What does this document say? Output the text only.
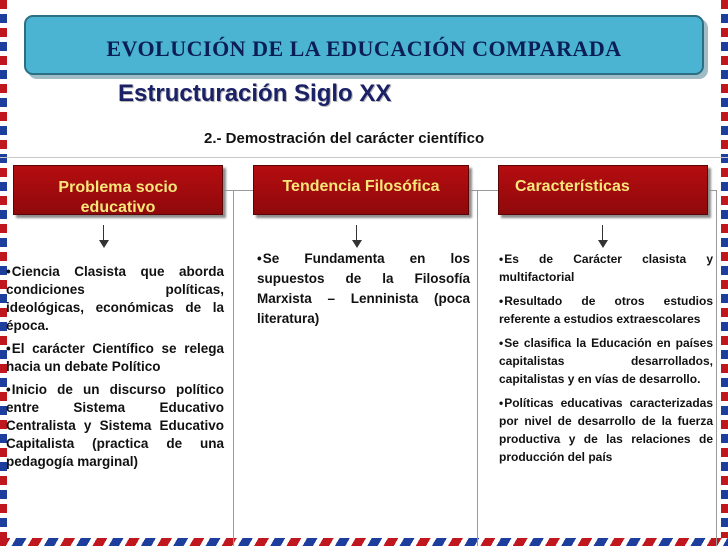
EVOLUCIÓN DE LA EDUCACIÓN COMPARADA
Estructuración Siglo XX
2.- Demostración del carácter científico
Problema socio
educativo
Tendencia Filosófica	Características

•Ciencia Clasista que aborda condiciones políticas, ideológicas, económicas de la época.

•El carácter Científico se relega hacia un debate Político

•Inicio de un discurso político entre Sistema Educativo Centralista y Sistema Educativo Capitalista (practica de una pedagogía marginal)

•Se Fundamenta en los supuestos de la Filosofía Marxista – Lenninista (poca literatura)

•Es de Carácter clasista y multifactorial

•Resultado de otros estudios referente a estudios extraescolares

•Se clasifica la Educación en países capitalistas desarrollados, capitalistas y en vías de desarrollo.

•Políticas educativas caracterizadas por nivel de desarrollo de la fuerza productiva y de las relaciones de producción del país
